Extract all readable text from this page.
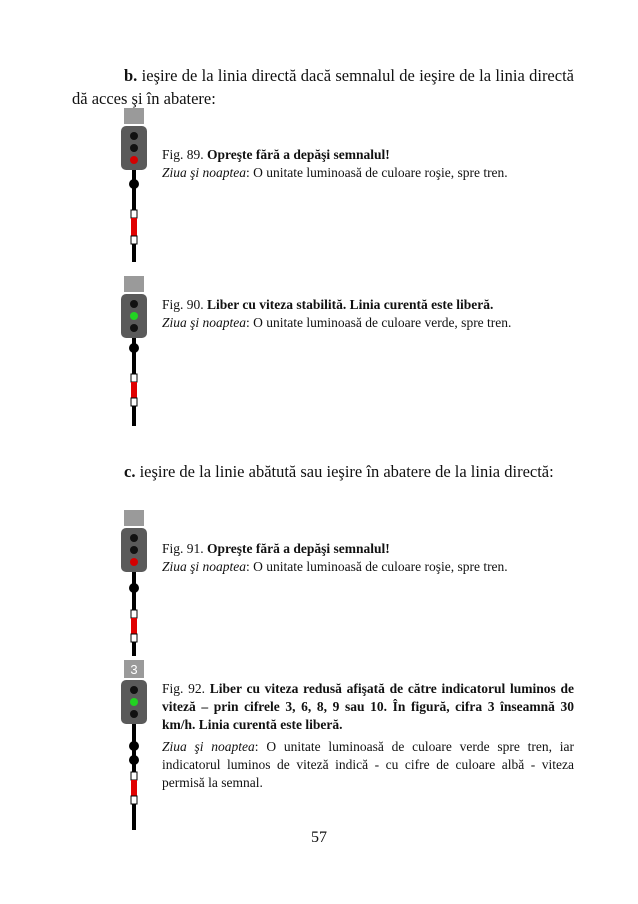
b. ieşire de la linia directă dacă semnalul de ieşire de la linia directă dă acces şi în abatere:

Fig. 89. Opreşte fără a depăşi semnalul!
Ziua şi noaptea: O unitate luminoasă de culoare roşie, spre tren.

Fig. 90. Liber cu viteza stabilită. Linia curentă este liberă.
Ziua şi noaptea: O unitate luminoasă de culoare verde, spre tren.

c. ieşire de la linie abătută sau ieşire în abatere de la linia directă:

Fig. 91. Opreşte fără a depăşi semnalul!
Ziua şi noaptea: O unitate luminoasă de culoare roşie, spre tren.

3

Fig. 92. Liber cu viteza redusă afişată de către indicatorul luminos de viteză – prin cifrele 3, 6, 8, 9 sau 10. În figură, cifra 3 înseamnă 30 km/h. Linia curentă este liberă.

Ziua şi noaptea: O unitate luminoasă de culoare verde spre tren, iar indicatorul luminos de viteză indică - cu cifre de culoare albă - viteza permisă la semnal.

57
